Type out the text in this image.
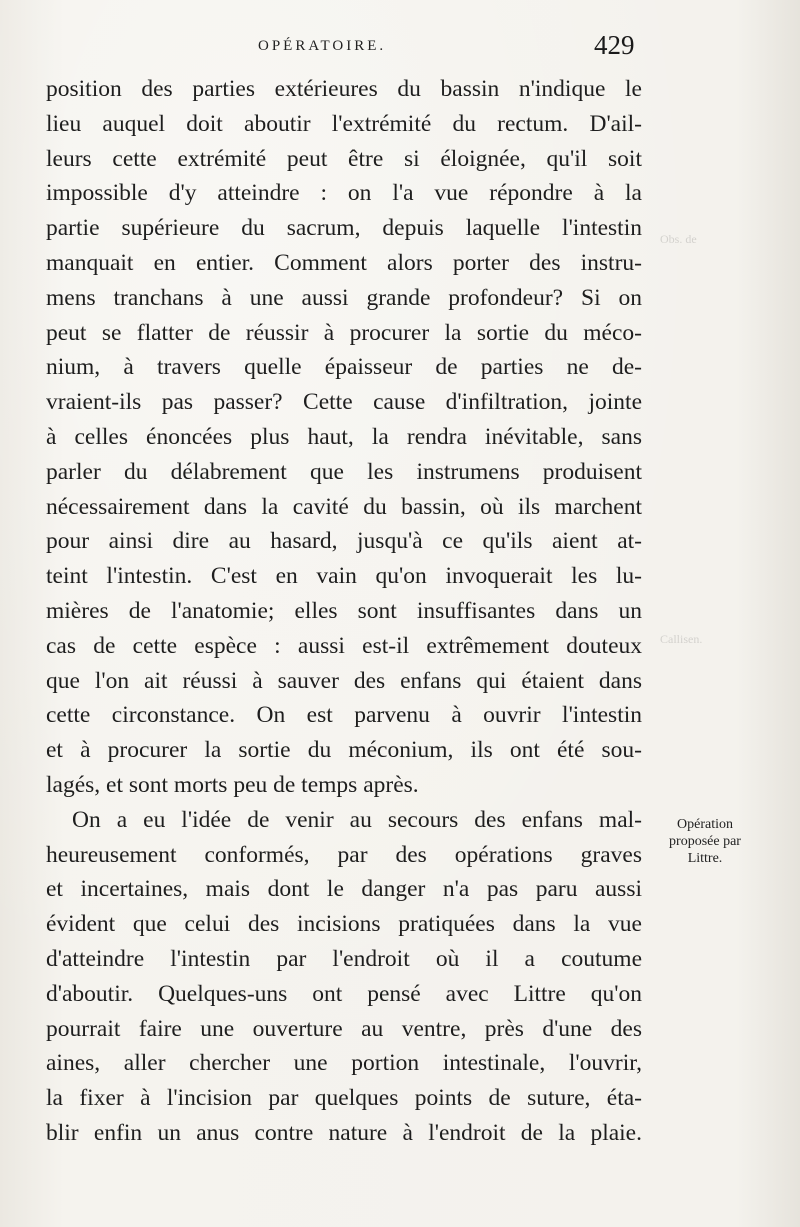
Obs. de
Callisen.
OPÉRATOIRE.	429
position des parties extérieures du bassin n'indique le
lieu auquel doit aboutir l'extrémité du rectum. D'ail-
leurs cette extrémité peut être si éloignée, qu'il soit
impossible d'y atteindre : on l'a vue répondre à la
partie supérieure du sacrum, depuis laquelle l'intestin
manquait en entier. Comment alors porter des instru-
mens tranchans à une aussi grande profondeur? Si on
peut se flatter de réussir à procurer la sortie du méco-
nium, à travers quelle épaisseur de parties ne de-
vraient-ils pas passer? Cette cause d'infiltration, jointe
à celles énoncées plus haut, la rendra inévitable, sans
parler du délabrement que les instrumens produisent
nécessairement dans la cavité du bassin, où ils marchent
pour ainsi dire au hasard, jusqu'à ce qu'ils aient at-
teint l'intestin. C'est en vain qu'on invoquerait les lu-
mières de l'anatomie; elles sont insuffisantes dans un
cas de cette espèce : aussi est-il extrêmement douteux
que l'on ait réussi à sauver des enfans qui étaient dans
cette circonstance. On est parvenu à ouvrir l'intestin
et à procurer la sortie du méconium, ils ont été sou-
lagés, et sont morts peu de temps après.
On a eu l'idée de venir au secours des enfans mal-
heureusement conformés, par des opérations graves
et incertaines, mais dont le danger n'a pas paru aussi
évident que celui des incisions pratiquées dans la vue
d'atteindre l'intestin par l'endroit où il a coutume
d'aboutir. Quelques-uns ont pensé avec Littre qu'on
pourrait faire une ouverture au ventre, près d'une des
aines, aller chercher une portion intestinale, l'ouvrir,
la fixer à l'incision par quelques points de suture, éta-
blir enfin un anus contre nature à l'endroit de la plaie.
Opération
proposée par
Littre.
